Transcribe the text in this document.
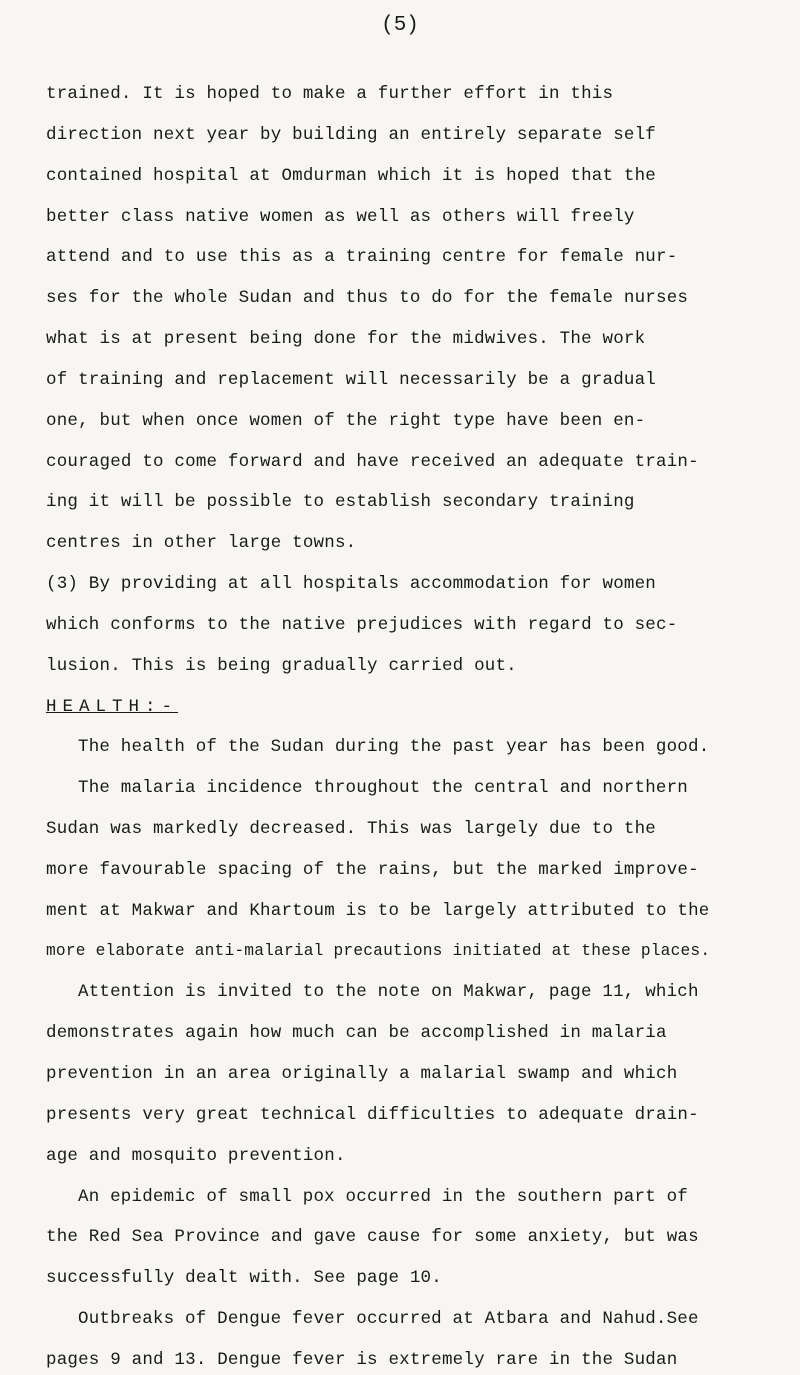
(5)
trained. It is hoped to make a further effort in this
direction next year by building an entirely separate self
contained hospital at Omdurman which it is hoped that the
better class native women as well as others will freely
attend and to use this as a training centre for female nur-
ses for the whole Sudan and thus to do for the female nurses
what is at present being done for the midwives. The work
of training and replacement will necessarily be a gradual
one, but when once women of the right type have been en-
couraged to come forward and have received an adequate train-
ing it will be possible to establish secondary training
centres in other large towns.
(3) By providing at all hospitals accommodation for women
which conforms to the native prejudices with regard to sec-
lusion. This is being gradually carried out.
HEALTH:-
The health of the Sudan during the past year has been good.
The malaria incidence throughout the central and northern
Sudan was markedly decreased. This was largely due to the
more favourable spacing of the rains, but the marked improve-
ment at Makwar and Khartoum is to be largely attributed to the
more elaborate anti-malarial precautions initiated at these places.
Attention is invited to the note on Makwar, page 11, which
demonstrates again how much can be accomplished in malaria
prevention in an area originally a malarial swamp and which
presents very great technical difficulties to adequate drain-
age and mosquito prevention.
An epidemic of small pox occurred in the southern part of
the Red Sea Province and gave cause for some anxiety, but was
successfully dealt with. See page 10.
Outbreaks of Dengue fever occurred at Atbara and Nahud.See
pages 9 and 13. Dengue fever is extremely rare in the Sudan
